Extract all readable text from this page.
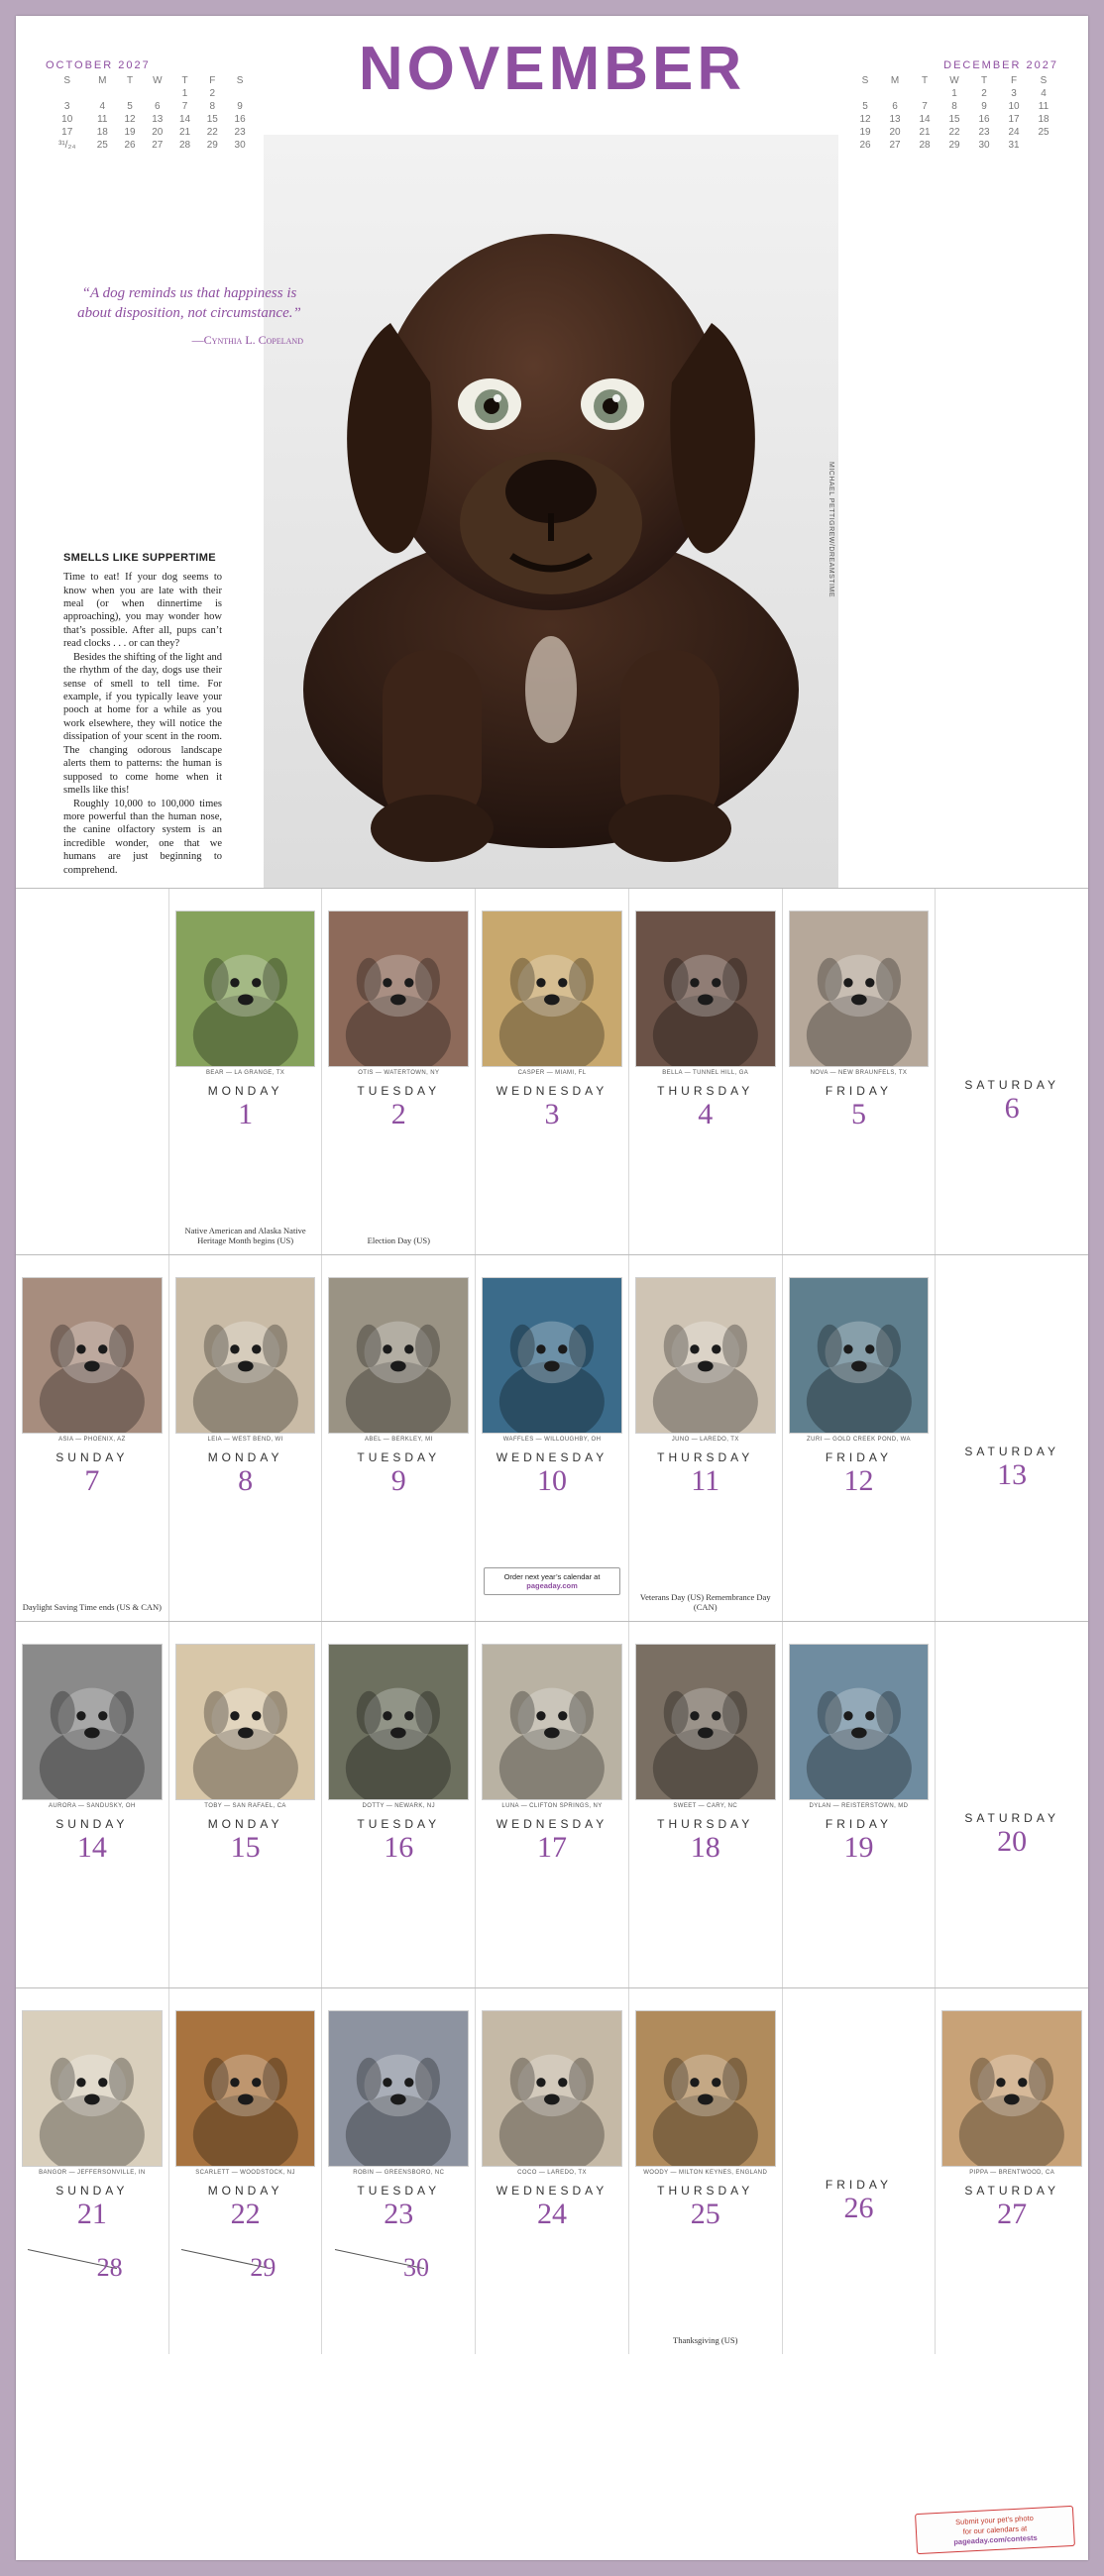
NOVEMBER
OCTOBER 2027
S	M	T	W	T	F	S
				1	2	
3	4	5	6	7	8	9
10	11	12	13	14	15	16
17	18	19	20	21	22	23
³¹/₂₄	25	26	27	28	29	30
DECEMBER 2027
S	M	T	W	T	F	S
			1	2	3	4
5	6	7	8	9	10	11
12	13	14	15	16	17	18
19	20	21	22	23	24	25
26	27	28	29	30	31	
MICHAEL PETTIGREW/DREAMSTIME
“A dog reminds us that happiness is about disposition, not circumstance.”
—Cynthia L. Copeland
SMELLS LIKE SUPPERTIME

Time to eat! If your dog seems to know when you are late with their meal (or when dinnertime is approaching), you may wonder how that’s possible. After all, pups can’t read clocks . . . or can they?

Besides the shifting of the light and the rhythm of the day, dogs use their sense of smell to tell time. For example, if you typically leave your pooch at home for a while as you work elsewhere, they will notice the dissipation of your scent in the room. The changing odorous landscape alerts them to patterns: the human is supposed to come home when it smells like this!

Roughly 10,000 to 100,000 times more powerful than the human nose, the canine olfactory system is an incredible wonder, one that we humans are just beginning to comprehend.

BEAR — LA GRANGE, TX
MONDAY
1
Native American and Alaska Native Heritage Month begins (US)
OTIS — WATERTOWN, NY
TUESDAY
2
Election Day (US)
CASPER — MIAMI, FL
WEDNESDAY
3
BELLA — TUNNEL HILL, GA
THURSDAY
4
NOVA — NEW BRAUNFELS, TX
FRIDAY
5
SATURDAY
6
ASIA — PHOENIX, AZ
SUNDAY
7
Daylight Saving Time ends (US & CAN)
LEIA — WEST BEND, WI
MONDAY
8
ABEL — BERKLEY, MI
TUESDAY
9
WAFFLES — WILLOUGHBY, OH
WEDNESDAY
10
Order next year’s calendar at
pageaday.com
JUNO — LAREDO, TX
THURSDAY
11
Veterans Day (US) Remembrance Day (CAN)
ZURI — GOLD CREEK POND, WA
FRIDAY
12
SATURDAY
13
AURORA — SANDUSKY, OH
SUNDAY
14
TOBY — SAN RAFAEL, CA
MONDAY
15
DOTTY — NEWARK, NJ
TUESDAY
16
LUNA — CLIFTON SPRINGS, NY
WEDNESDAY
17
SWEET — CARY, NC
THURSDAY
18
DYLAN — REISTERSTOWN, MD
FRIDAY
19
SATURDAY
20
BANGOR — JEFFERSONVILLE, IN
SUNDAY
21
28
SCARLETT — WOODSTOCK, NJ
MONDAY
22
29
ROBIN — GREENSBORO, NC
TUESDAY
23
30
COCO — LAREDO, TX
WEDNESDAY
24
WOODY — MILTON KEYNES, ENGLAND
THURSDAY
25
Thanksgiving (US)
FRIDAY
26
PIPPA — BRENTWOOD, CA
SATURDAY
27
Submit your pet’s photo
for our calendars at
pageaday.com/contests
